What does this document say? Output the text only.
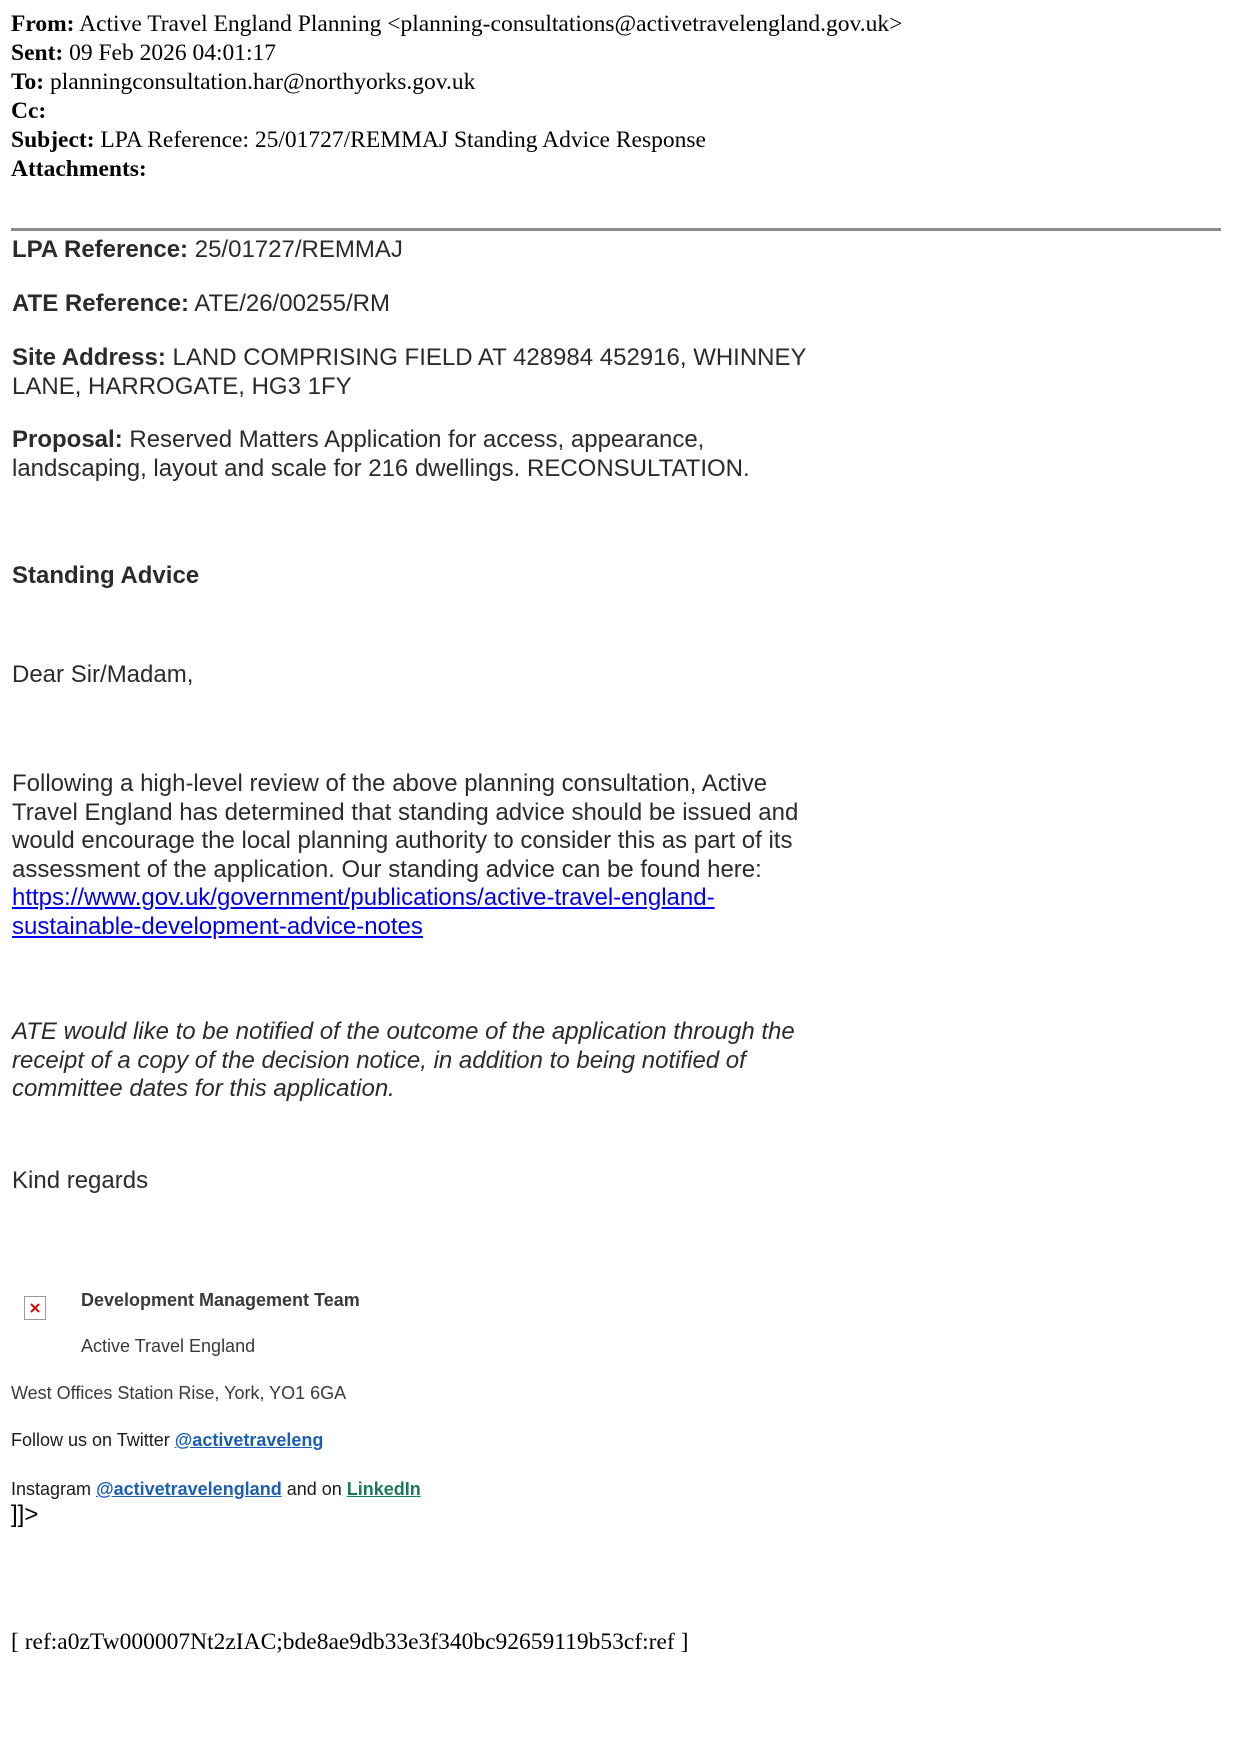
From: Active Travel England Planning <planning-consultations@activetravelengland.gov.uk>
Sent: 09 Feb 2026 04:01:17
To: planningconsultation.har@northyorks.gov.uk
Cc:
Subject: LPA Reference: 25/01727/REMMAJ Standing Advice Response
Attachments:
LPA Reference: 25/01727/REMMAJ
ATE Reference: ATE/26/00255/RM
Site Address: LAND COMPRISING FIELD AT 428984 452916, WHINNEY
LANE, HARROGATE, HG3 1FY
Proposal: Reserved Matters Application for access, appearance,
landscaping, layout and scale for 216 dwellings. RECONSULTATION.
Standing Advice
Dear Sir/Madam,
Following a high-level review of the above planning consultation, Active
Travel England has determined that standing advice should be issued and
would encourage the local planning authority to consider this as part of its
assessment of the application. Our standing advice can be found here:
https://www.gov.uk/government/publications/active-travel-england-
sustainable-development-advice-notes
ATE would like to be notified of the outcome of the application through the
receipt of a copy of the decision notice, in addition to being notified of
committee dates for this application.
Kind regards
Development Management Team
Active Travel England
West Offices Station Rise, York, YO1 6GA
Follow us on Twitter @activetraveleng
Instagram @activetravelengland and on LinkedIn
]]>
[ ref:a0zTw000007Nt2zIAC;bde8ae9db33e3f340bc92659119b53cf:ref ]
